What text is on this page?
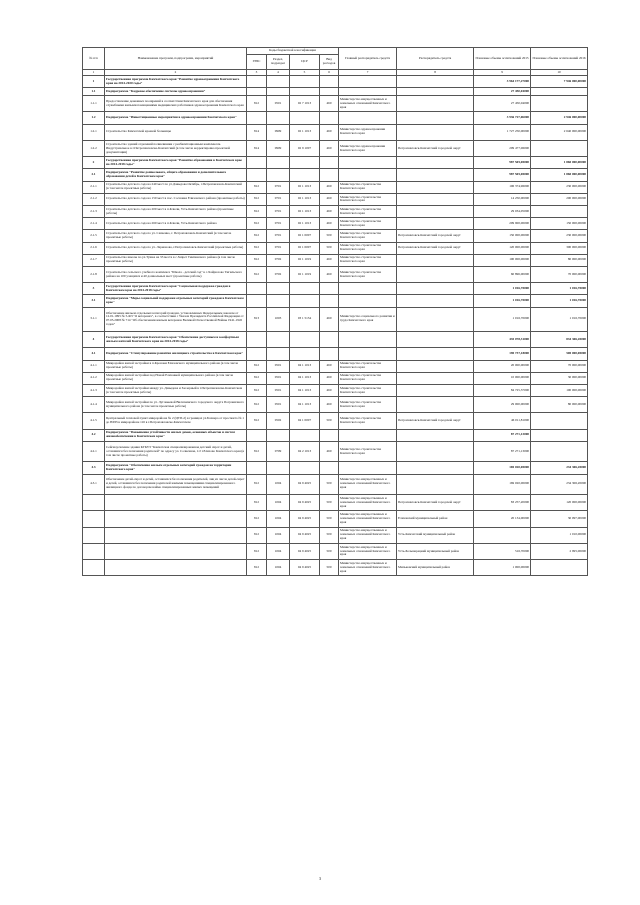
№ п/п	Наименование программ, подпрограмм, мероприятий	Коды бюджетной классификации				Главный распорядитель средств	Распорядитель средств	Плановые объемы ассигнований 2015	Плановые объемы ассигнований 2016
		ГРБС	Раздел, подраздел	ЦСР	Вид расходов				
1	2	3	4	5	6	7	8	9	10
1	Государственная программа Камчатского края "Развитие здравоохранения Камчатского края на 2014-2020 годы"							3 964 177,27000	7 946 000,00000
1.1	Подпрограмма "Кадровое обеспечение системы здравоохранения"							27 450,04000	
1.1.1	Предоставление денежных поощрений в соответствии Камчатского края для обеспечения служебными жилыми помещениями медицинских работников здравоохранения Камчатского края	812	0501	02 7 1013	460	Министерство имущественных и земельных отношений Камчатского края		27 450,04000	
1.2	Подпрограмма "Инвестиционные мероприятия в здравоохранении Камчатского края"							3 936 727,06000	2 946 000,00000
1.2.1	Строительство Камчатской краевой больницы	814	0909	02 1 1013	460	Министерство здравоохранения Камчатского края		1 727 250,00000	2 640 000,00000
1.2.2	Строительство зданий отделений поликлиники с реабилитационным комплексом. Индустриальное в г.Петропавловске-Камчатский (в том числе корректировка проектной документации)	814	0909	02 9 1007	460	Министерство здравоохранения Камчатского края	Петропавловск-Камчатский городской округ	209 477,06000	
2	Государственная программа Камчатского края "Развитие образования в Камчатском крае на 2014-2018 годы"							987 505,00000	1 860 000,00000
2.1	Подпрограмма "Развитие дошкольного, общего образования и дополнительного образования детей в Камчатском крае"							987 505,00000	1 860 000,00000
2.1.1	Строительство детского сада на 240 мест по ул.Давыдова Октябрь, г.Петропавловск-Камчатский (в том числе проектные работы)	812	0701	02 1 1013	460	Министерство строительства Камчатского края		106 374,96000	230 000,00000
2.1.2	Строительство детского сада на 150 мест в пос. Сосновка Елизовского района (проектные работы)	812	0701	02 1 1013	460	Министерство строительства Камчатского края		14 250,00000	200 000,00000
2.1.3	Строительство детского сада на 200 мест в п.Ключи, Усть-Камчатского района (проектные работы)	812	0701	02 1 1013	460	Министерство строительства Камчатского края		29 034,05000	
2.1.4	Строительство детского сада на 260 мест в п.Ключи, Усть-Камчатского района	812	0701	02 1 1013	460	Министерство строительства Камчатского края		209 900,00000	150 000,00000
2.1.5	Строительство детского сада по ул. Савченко, г. Петропавловск-Камчатский (в том числе проектные работы)	812	0701	02 1 0007	500	Министерство строительства Камчатского края	Петропавловск-Камчатский городской округ	150 000,00000	230 000,00000
2.1.6	Строительство детского сада по ул. Ларионова, г.Петропавловск-Камчатский (проектные работы)	812	0701	02 1 0007	500	Министерство строительства Камчатского края	Петропавловск-Камчатский городской округ	120 000,00000	300 000,00000
2.1.7	Строительство школы по ул.Тушка на 33 места в с.Запрет Тимпанского района (в том числе проектные работы)	812	0702	02 1 1019	460	Министерство строительства Камчатского края		100 000,00000	80 000,00000
2.1.8	Строительство сельского учебного комплекса "Школа - детский сад" в с.Хайрюзово Тигильского района на 100 учащихся и 40 дошкольных мест (проектные работы)	812	0702	02 1 1019	460	Министерство строительства Камчатского края		60 896,00000	70 000,00000
3	Государственная программа Камчатского края "Социальная поддержка граждан в Камчатском крае на 2014-2018 годы"							1 016,70000	1 016,70000
3.1	Подпрограмма "Меры социальной поддержки отдельных категорий граждан в Камчатском крае"							1 016,70000	1 016,70000
3.1.1	Обеспечение жильем отдельных категорий граждан, установленных Федеральным законом от 12.01.1995 № 5-ФЗ "О ветеранах", в соответствии с Указом Президента Российской Федерации от 07.05.2008 № 714 "Об обеспечении жильем ветеранов Великой Отечественной Войны 1941-1945 годов"	813	1003	03 1 5134	460	Министерство социального развития и труда Камчатского края		1 016,70000	1 016,70000
4	Государственная программа Камчатского края "Обеспечение доступным и комфортным жильем жителей Камчатского края на 2014-2018 годы"							435 078,31000	834 306,20000
4.1	Подпрограмма "Стимулирование развития жилищного строительства в Камчатском крае"							190 737,18000	500 000,00000
4.1.1	Микрорайон жилой застройки в п.Кроноки Елизовского муниципального района (в том числе проектные работы)	812	0501	04 1 1013	460	Министерство строительства Камчатского края		20 000,00000	70 000,00000
4.1.2	Микрорайон жилой застройки под Новой Елизовкой муниципального района (в том числе проектные работы)	812	0501	04 1 1013	460	Министерство строительства Камчатского края		10 000,00000	30 000,00000
4.1.3	Микрорайон жилой застройки между ул. Давыдова и Заозерный в г.Петропавловске-Камчатском (в том числе проектные работы)	812	0501	04 1 1013	460	Министерство строительства Камчатского края		84 725,37000	100 000,00000
4.1.4	Микрорайон жилой застройки по ул. Луговыевой Вилючинского городского округа Пограничного муниципального района (в том числе проектные работы)	812	0501	04 1 1013	460	Министерство строительства Камчатского края		29 000,00000	80 000,00000
4.1.5	Центральный тепловой пункт микрорайона № 2 (ЦТП-2) в границах ул.Бохнера от проспекта № 1 до ЮПЗ в микрорайоне 116 в г.Петропавловске-Камчатском	812	0502	04 1 0007	500	Министерство строительства Камчатского края	Петропавловск-Камчатский городской округ	46 011,81000	
4.2	Подпрограмма "Повышение устойчивости жилых домов, основных объектов и систем жизнеобеспечения в Камчатском крае"							87 271,13000	
4.2.1	Сейсмоусиление здания КГКУЗ "Камчатская специализированная детский сирот и детей, оставшихся без попечения родителей" по адресу ул. Солнечная, 1/2 г.Елизово Камчатского края (в том числе проектные работы)	812	0709	04 2 1013	460	Министерство строительства Камчатского края		87 271,13000	
4.3	Подпрограмма "Обеспечение жильем отдельных категорий граждан на территории Камчатского края"							169 020,00000	234 306,20000
4.3.1	Обеспечение детей-сирот и детей, оставшихся без попечения родителей, лиц из числа детей-сирот и детей, оставшихся без попечения родителей жилыми помещениями специализированного жилищного фонда по договорам найма специализированных жилых помещений	812	1004	04 9 4025	500	Министерство имущественных и земельных отношений Камчатского края		169 020,00000	234 306,20000
		812	1004	04 9 4025	500	Министерство имущественных и земельных отношений Камчатского края	Петропавловск-Камчатский городской округ	83 257,20000	120 000,00000
		812	1004	04 9 4025	500	Министерство имущественных и земельных отношений Камчатского края	Елизовский муниципальный район	20 134,00000	30 097,00000
		812	1004	04 9 4025	500	Министерство имущественных и земельных отношений Камчатского края	Усть-Камчатский муниципальный район		1 010,00000
		812	1004	04 9 4025	500	Министерство имущественных и земельных отношений Камчатского края	Усть-Большерецкий муниципальный район	516,70000	2 995,00000
		812	1004	04 9 4025	500	Министерство имущественных и земельных отношений Камчатского края	Мильковский муниципальный район	1 000,00000	
3
